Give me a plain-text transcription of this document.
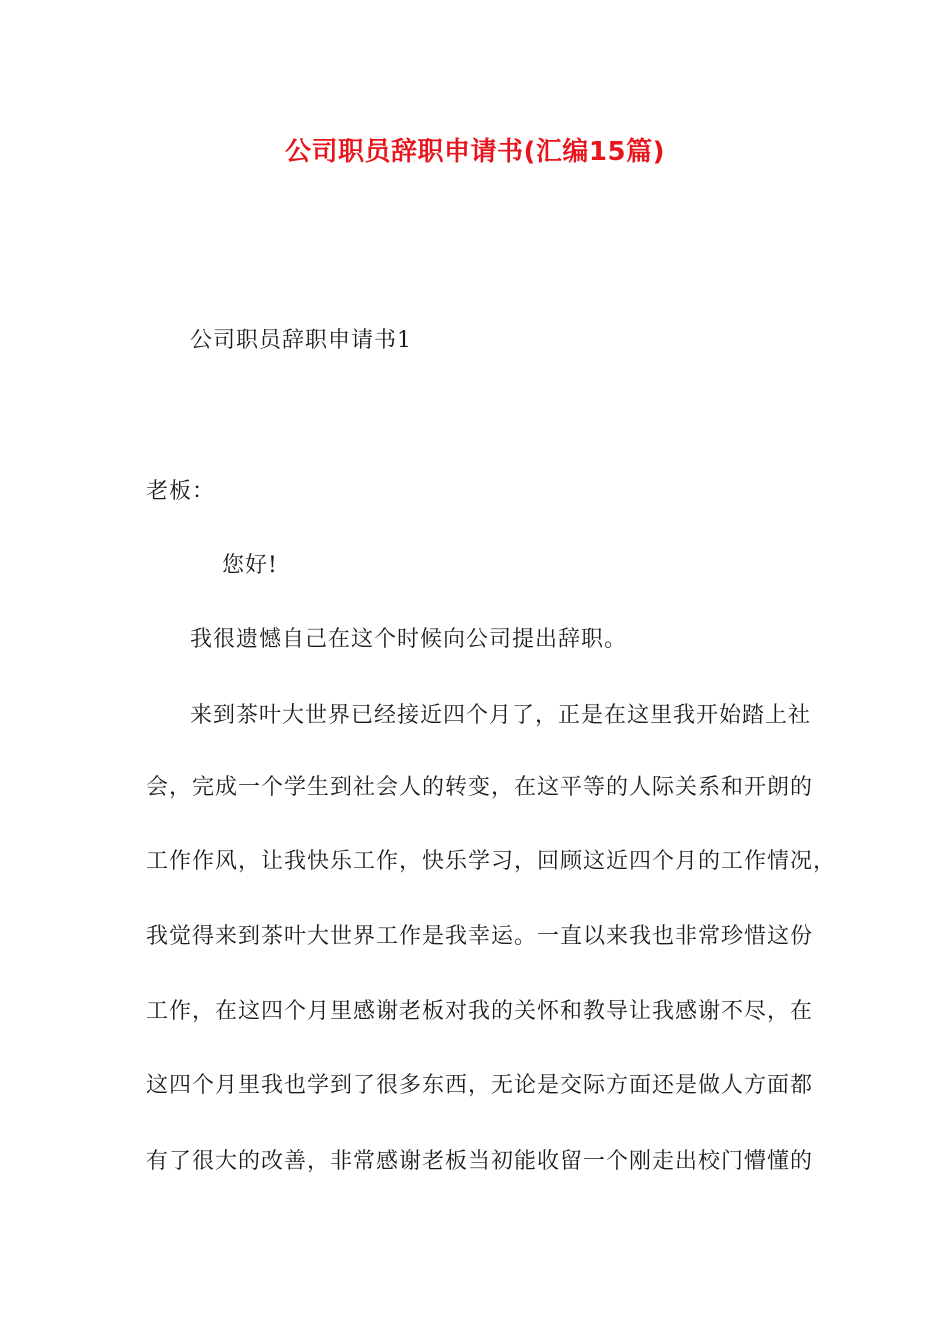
公司职员辞职申请书(汇编15篇)
公司职员辞职申请书1
老板：
您好!
我很遗憾自己在这个时候向公司提出辞职。
来到茶叶大世界已经接近四个月了，正是在这里我开始踏上社
会，完成一个学生到社会人的转变，在这平等的人际关系和开朗的
工作作风，让我快乐工作，快乐学习，回顾这近四个月的工作情况，
我觉得来到茶叶大世界工作是我幸运。一直以来我也非常珍惜这份
工作，在这四个月里感谢老板对我的关怀和教导让我感谢不尽，在
这四个月里我也学到了很多东西，无论是交际方面还是做人方面都
有了很大的改善，非常感谢老板当初能收留一个刚走出校门懵懂的
